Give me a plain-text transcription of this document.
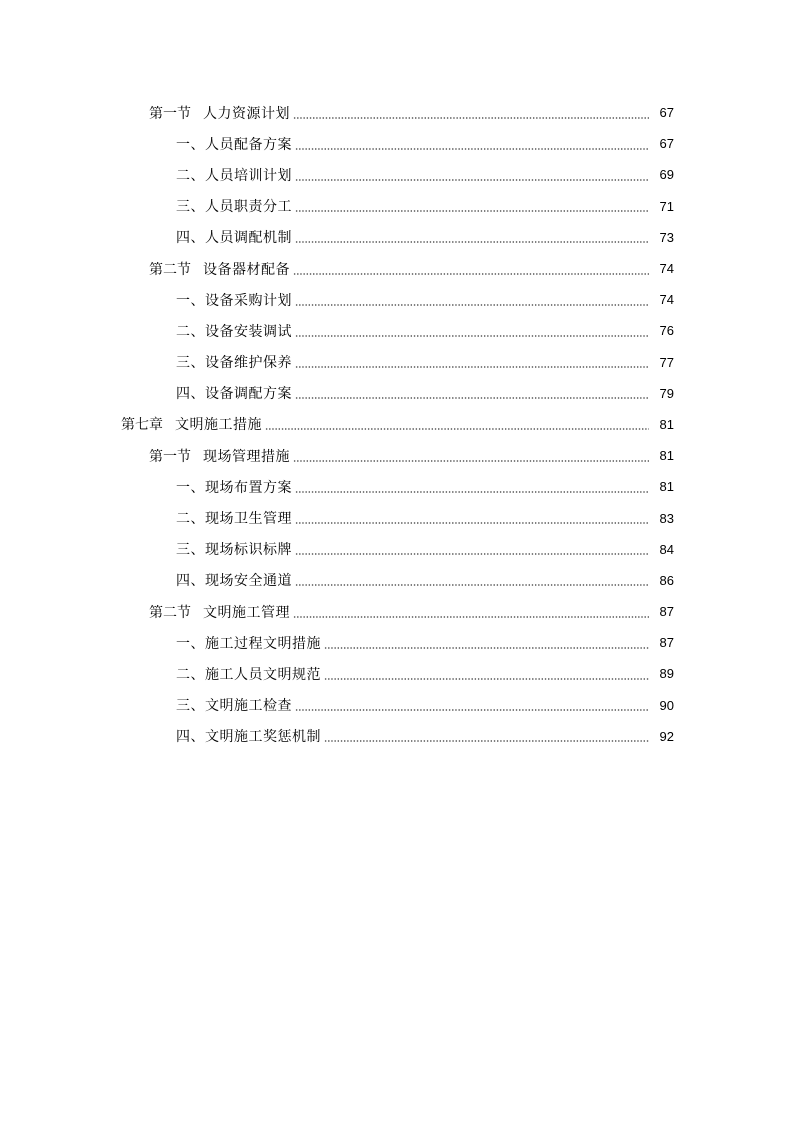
第一节 人力资源计划	67
一、 人员配备方案	67
二、 人员培训计划	69
三、 人员职责分工	71
四、 人员调配机制	73
第二节 设备器材配备	74
一、 设备采购计划	74
二、 设备安装调试	76
三、 设备维护保养	77
四、 设备调配方案	79
第七章 文明施工措施	81
第一节 现场管理措施	81
一、 现场布置方案	81
二、 现场卫生管理	83
三、 现场标识标牌	84
四、 现场安全通道	86
第二节 文明施工管理	87
一、 施工过程文明措施	87
二、 施工人员文明规范	89
三、 文明施工检查	90
四、 文明施工奖惩机制	92
